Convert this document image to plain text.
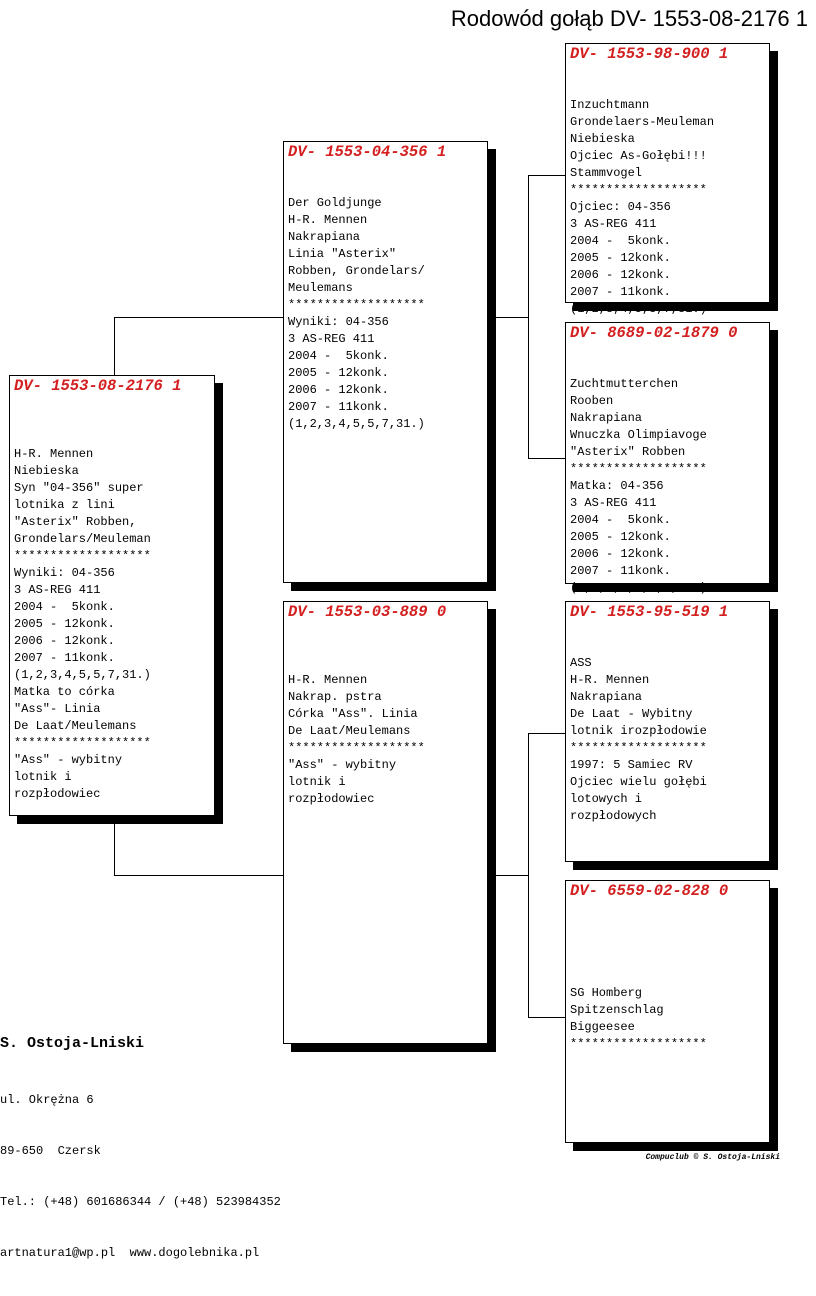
Rodowód gołąb DV- 1553-08-2176 1
DV- 1553-08-2176 1

H-R. Mennen
Niebieska
Syn "04-356" super
lotnika z lini
"Asterix" Robben,
Grondelars/Meuleman
*******************
Wyniki: 04-356
3 AS-REG 411
2004 -  5konk.
2005 - 12konk.
2006 - 12konk.
2007 - 11konk.
(1,2,3,4,5,5,7,31.)
Matka to córka
"Ass"- Linia
De Laat/Meulemans
*******************
"Ass" - wybitny
lotnik i
rozpłodowiec

DV- 1553-04-356 1

Der Goldjunge
H-R. Mennen
Nakrapiana
Linia "Asterix"
Robben, Grondelars/
Meulemans
*******************
Wyniki: 04-356
3 AS-REG 411
2004 -  5konk.
2005 - 12konk.
2006 - 12konk.
2007 - 11konk.
(1,2,3,4,5,5,7,31.)

DV- 1553-03-889 0

H-R. Mennen
Nakrap. pstra
Córka "Ass". Linia
De Laat/Meulemans
*******************
"Ass" - wybitny
lotnik i
rozpłodowiec

DV- 1553-98-900 1

Inzuchtmann
Grondelaers-Meuleman
Niebieska
Ojciec As-Gołębi!!!
Stammvogel
*******************
Ojciec: 04-356
3 AS-REG 411
2004 -  5konk.
2005 - 12konk.
2006 - 12konk.
2007 - 11konk.
(1,2,3,4,5,5,7,31.)

DV- 8689-02-1879 0

Zuchtmutterchen
Rooben
Nakrapiana
Wnuczka Olimpiavoge
"Asterix" Robben
*******************
Matka: 04-356
3 AS-REG 411
2004 -  5konk.
2005 - 12konk.
2006 - 12konk.
2007 - 11konk.
(1,2,3,4,5,5,7,31.)

DV- 1553-95-519 1

ASS
H-R. Mennen
Nakrapiana
De Laat - Wybitny
lotnik irozpłodowie
*******************
1997: 5 Samiec RV
Ojciec wielu gołębi
lotowych i
rozpłodowych

DV- 6559-02-828 0

SG Homberg
Spitzenschlag
Biggeesee
*******************

S. Ostoja-Lniski

ul. Okrężna 6

89-650  Czersk

Tel.: (+48) 601686344 / (+48) 523984352

artnatura1@wp.pl  www.dogolebnika.pl

Compuclub © S. Ostoja-Lniski
